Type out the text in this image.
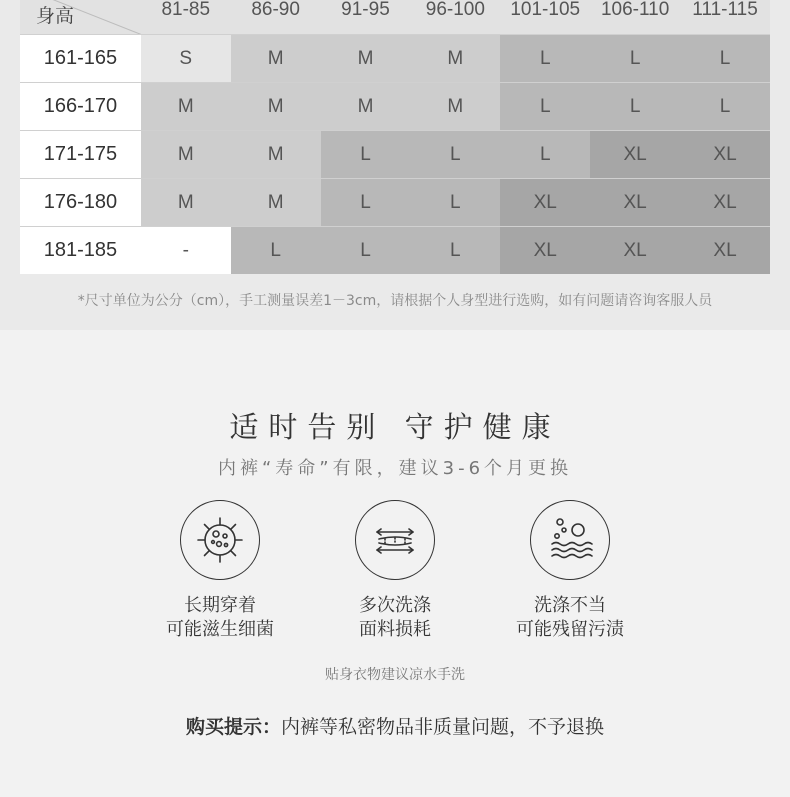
身高	81-85	86-90	91-95	96-100	101-105	106-110	111-115
161-165	S	M	M	M	L	L	L
166-170	M	M	M	M	L	L	L
171-175	M	M	L	L	L	XL	XL
176-180	M	M	L	L	XL	XL	XL
181-185	-	L	L	L	XL	XL	XL
*尺寸单位为公分（cm），手工测量误差1－3cm，请根据个人身型进行选购，如有问题请咨询客服人员
适时告别 守护健康
内裤“寿命”有限，建议3-6个月更换
长期穿着
可能滋生细菌
多次洗涤
面料损耗
洗涤不当
可能残留污渍
贴身衣物建议凉水手洗
购买提示：内裤等私密物品非质量问题，不予退换
